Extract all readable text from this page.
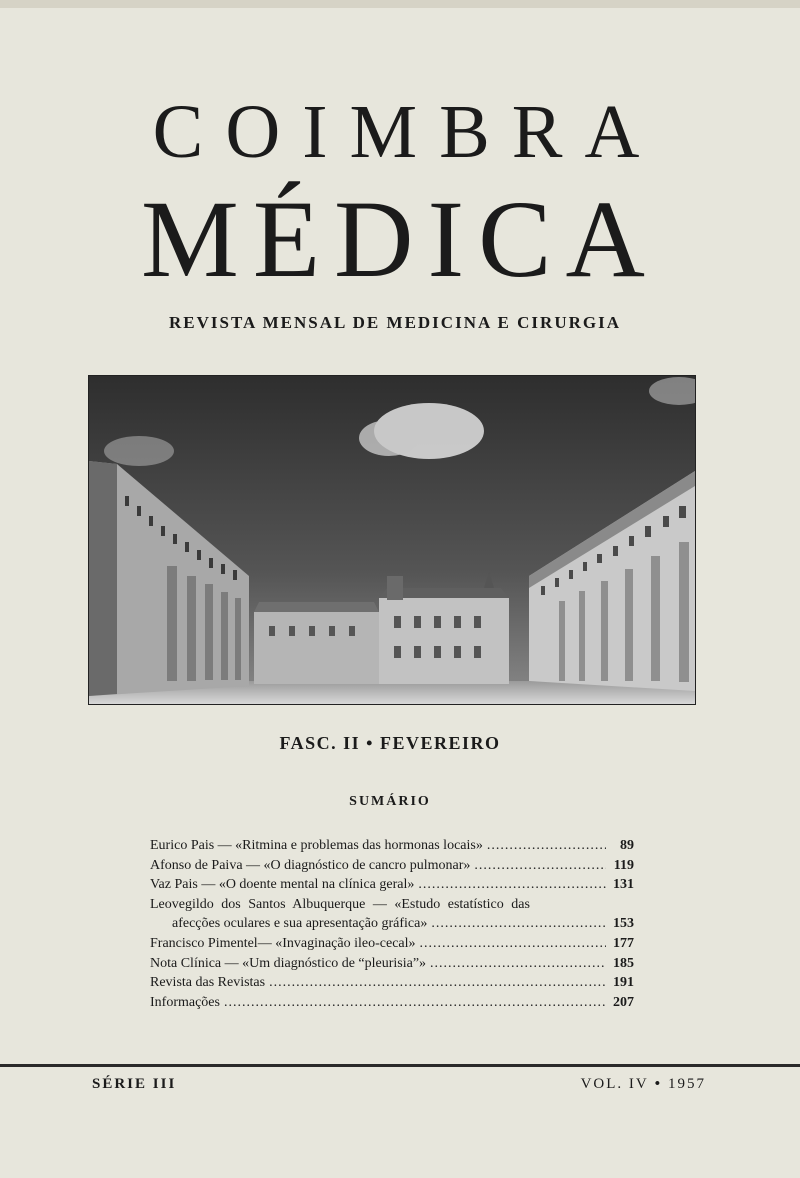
COIMBRA
MÉDICA
REVISTA MENSAL DE MEDICINA E CIRURGIA
FASC. II • FEVEREIRO
SUMÁRIO
Eurico Pais — «Ritmina e problemas das hormonas locais» .....	89
Afonso de Paiva — «O diagnóstico de cancro pulmonar» .....	119
Vaz Pais — «O doente mental na clínica geral» .....	131
Leovegildo dos Santos Albuquerque — «Estudo estatístico das
afecções oculares e sua apresentação gráfica» .....	153
Francisco Pimentel— «Invaginação ileo-cecal» .....	177
Nota Clínica — «Um diagnóstico de “pleurisia”» .....	185
Revista das Revistas .....	191
Informações .....	207
SÉRIE III	VOL. IV • 1957
